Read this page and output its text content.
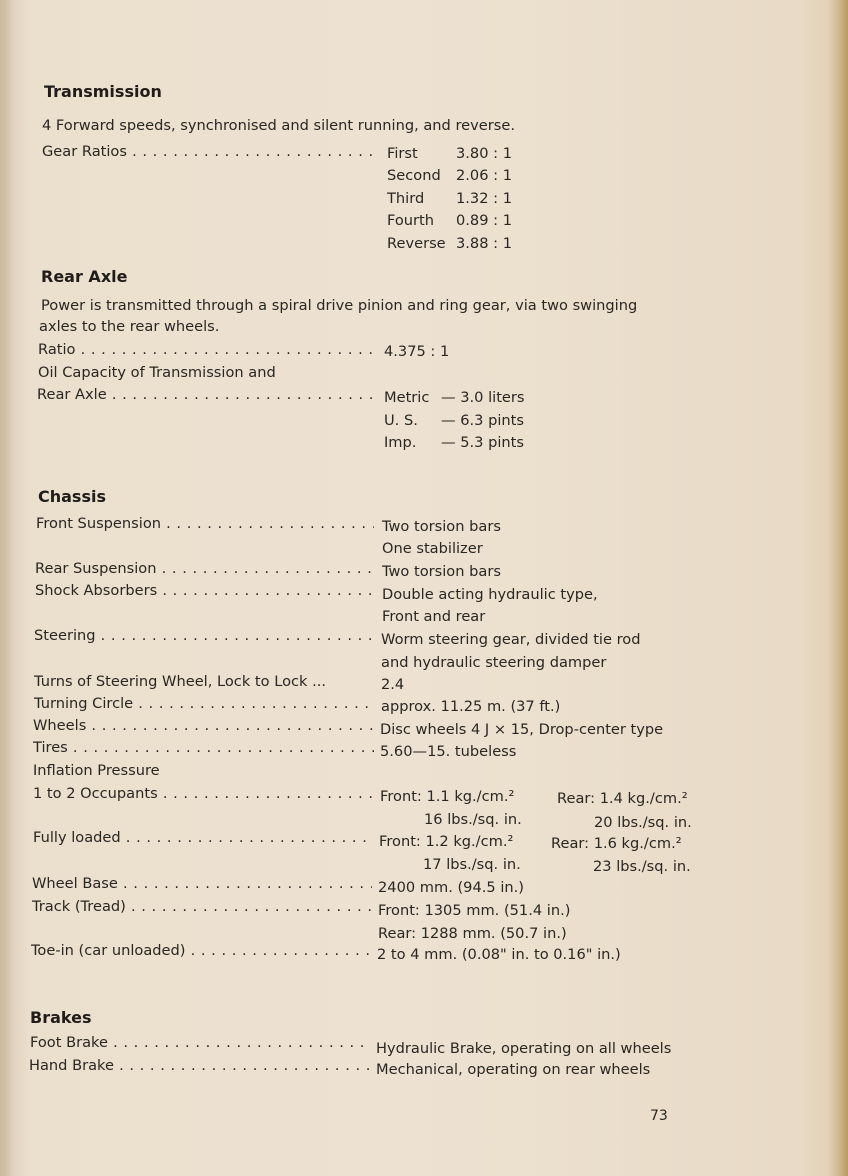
Transmission

4 Forward speeds, synchronised and silent running, and reverse.

Gear Ratios . . .	First	3.80 : 1

Second 2.06 : 1

Third 1.32 : 1

Fourth 0.89 : 1

Reverse 3.88 : 1

Rear Axle

Power is transmitted through a spiral drive pinion and ring gear, via two swinging

axles to the rear wheels.

Ratio . . .	4.375 : 1

Oil Capacity of Transmission and

Rear Axle . . .	Metric — 3.0 liters

U. S. — 6.3 pints

Imp. — 5.3 pints

Chassis

Front Suspension . . .	Two torsion bars

One stabilizer

Rear Suspension . . .	Two torsion bars

Shock Absorbers . . .	Double acting hydraulic type,

Front and rear

Steering . . .	Worm steering gear, divided tie rod

and hydraulic steering damper

Turns of Steering Wheel, Lock to Lock ...	2.4

Turning Circle . . .	approx. 11.25 m. (37 ft.)

Wheels . . .	Disc wheels 4 J × 15, Drop-center type

Tires . . .	5.60—15. tubeless

Inflation Pressure

1 to 2 Occupants . . .	Front: 1.1 kg./cm.²	Rear: 1.4 kg./cm.²

16 lbs./sq. in.	20 lbs./sq. in.

Fully loaded . . .	Front: 1.2 kg./cm.²	Rear: 1.6 kg./cm.²

17 lbs./sq. in.	23 lbs./sq. in.

Wheel Base . . .	2400 mm. (94.5 in.)

Track (Tread) . . .	Front: 1305 mm. (51.4 in.)

Rear: 1288 mm. (50.7 in.)

Toe-in (car unloaded) . . .	2 to 4 mm. (0.08" in. to 0.16" in.)

Brakes

Foot Brake . . .	Hydraulic Brake, operating on all wheels

Hand Brake . . .	Mechanical, operating on rear wheels

73
